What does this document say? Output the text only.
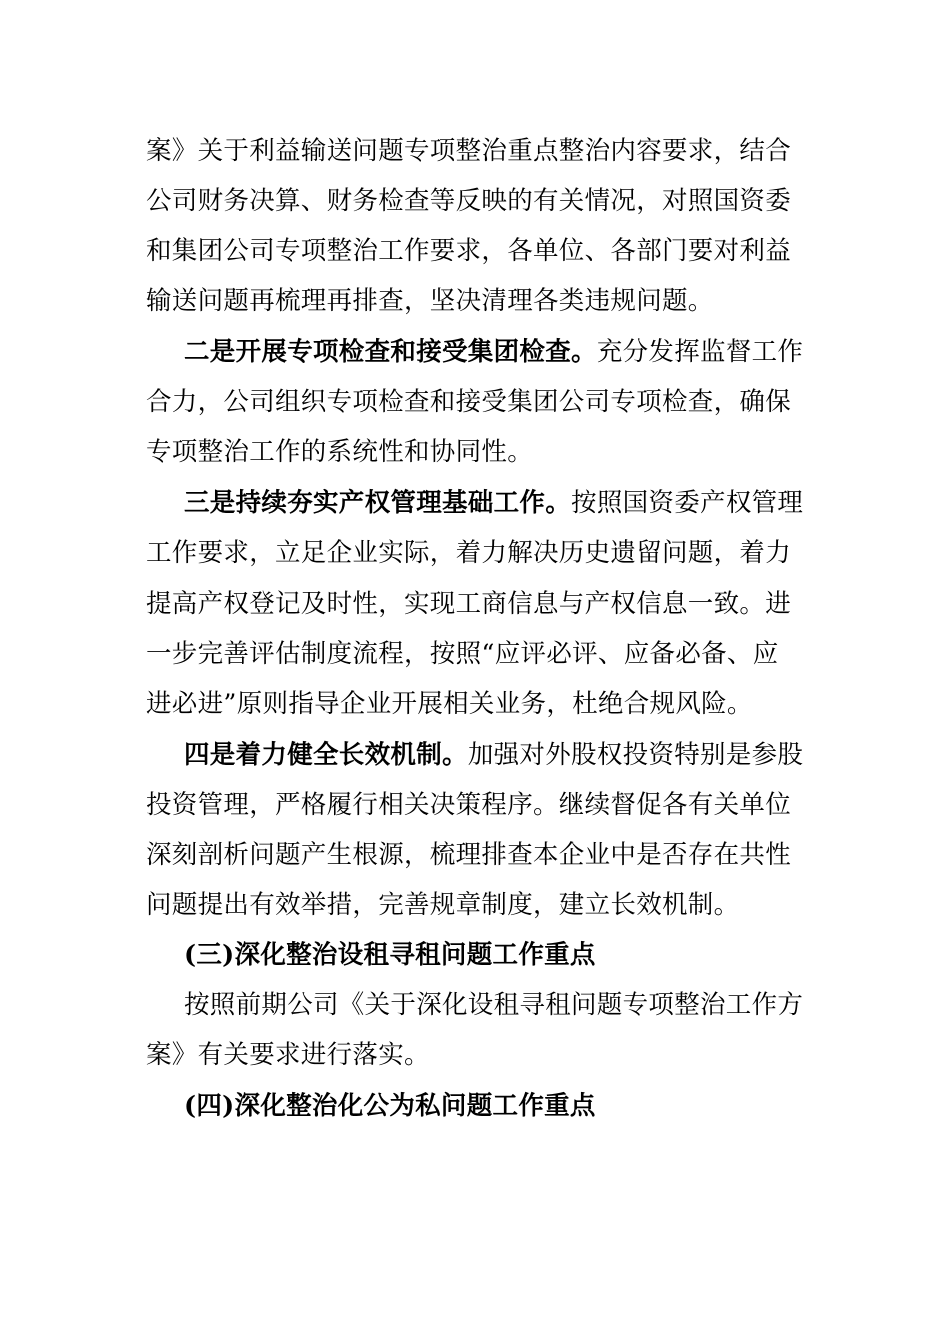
案》关于利益输送问题专项整治重点整治内容要求，结合
公司财务决算、财务检查等反映的有关情况，对照国资委
和集团公司专项整治工作要求，各单位、各部门要对利益
输送问题再梳理再排查，坚决清理各类违规问题。
二是开展专项检查和接受集团检查。充分发挥监督工作
合力，公司组织专项检查和接受集团公司专项检查，确保
专项整治工作的系统性和协同性。
三是持续夯实产权管理基础工作。按照国资委产权管理
工作要求，立足企业实际，着力解决历史遗留问题，着力
提高产权登记及时性，实现工商信息与产权信息一致。进
一步完善评估制度流程，按照“应评必评、应备必备、应
进必进”原则指导企业开展相关业务，杜绝合规风险。
四是着力健全长效机制。加强对外股权投资特别是参股
投资管理，严格履行相关决策程序。继续督促各有关单位
深刻剖析问题产生根源，梳理排查本企业中是否存在共性
问题提出有效举措，完善规章制度，建立长效机制。
(三)深化整治设租寻租问题工作重点
按照前期公司《关于深化设租寻租问题专项整治工作方
案》有关要求进行落实。
(四)深化整治化公为私问题工作重点
